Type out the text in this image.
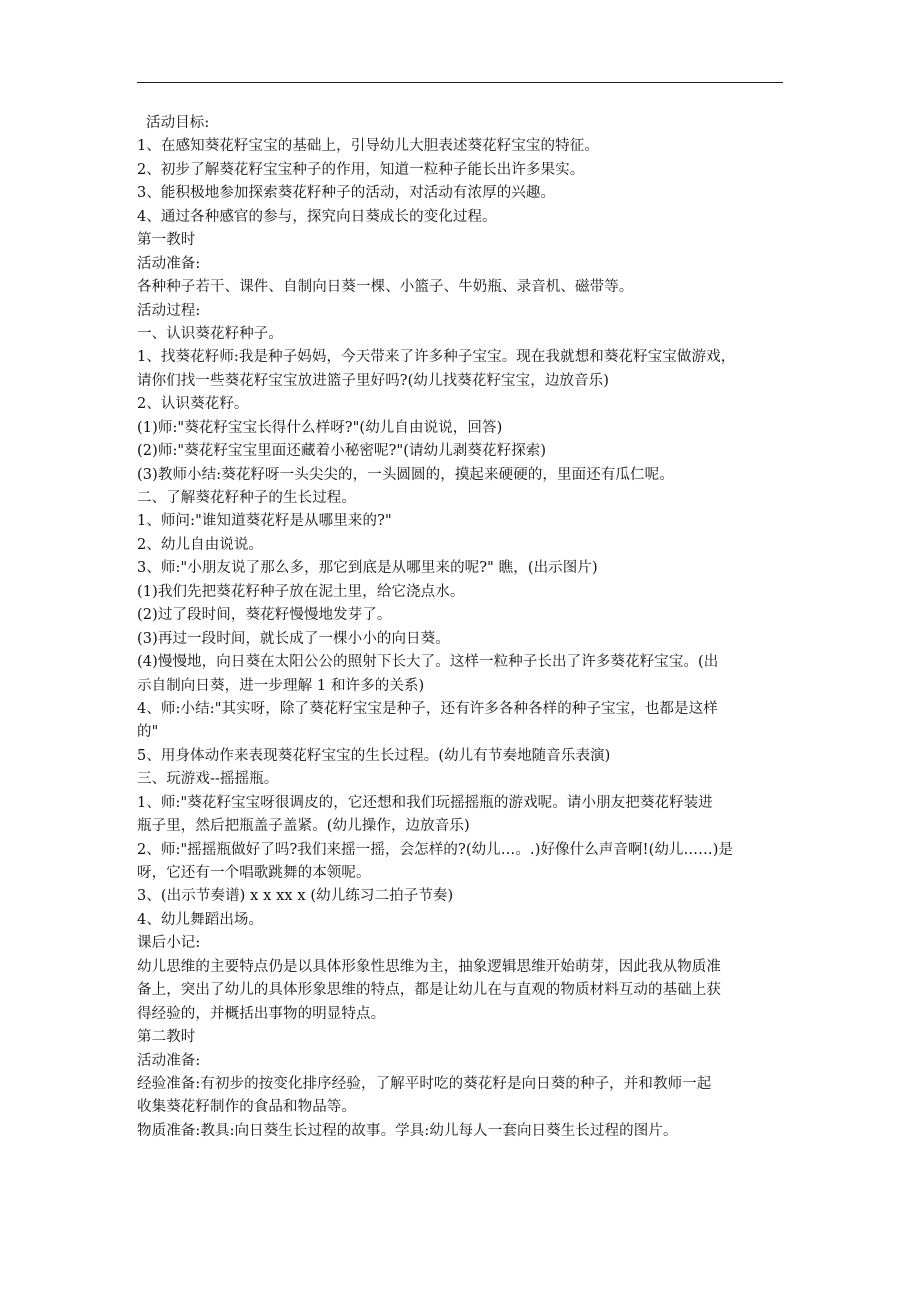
活动目标:
1、在感知葵花籽宝宝的基础上，引导幼儿大胆表述葵花籽宝宝的特征。
2、初步了解葵花籽宝宝种子的作用，知道一粒种子能长出许多果实。
3、能积极地参加探索葵花籽种子的活动，对活动有浓厚的兴趣。
4、通过各种感官的参与，探究向日葵成长的变化过程。
第一教时
活动准备:
各种种子若干、课件、自制向日葵一棵、小篮子、牛奶瓶、录音机、磁带等。
活动过程:
一、认识葵花籽种子。
1、找葵花籽师:我是种子妈妈，今天带来了许多种子宝宝。现在我就想和葵花籽宝宝做游戏，
请你们找一些葵花籽宝宝放进篮子里好吗?(幼儿找葵花籽宝宝，边放音乐)
2、认识葵花籽。
(1)师:"葵花籽宝宝长得什么样呀?"(幼儿自由说说，回答)
(2)师:"葵花籽宝宝里面还藏着小秘密呢?"(请幼儿剥葵花籽探索)
(3)教师小结:葵花籽呀一头尖尖的，一头圆圆的，摸起来硬硬的，里面还有瓜仁呢。
二、了解葵花籽种子的生长过程。
1、师问:"谁知道葵花籽是从哪里来的?"
2、幼儿自由说说。
3、师:"小朋友说了那么多，那它到底是从哪里来的呢?" 瞧，(出示图片)
(1)我们先把葵花籽种子放在泥土里，给它浇点水。
(2)过了段时间，葵花籽慢慢地发芽了。
(3)再过一段时间，就长成了一棵小小的向日葵。
(4)慢慢地，向日葵在太阳公公的照射下长大了。这样一粒种子长出了许多葵花籽宝宝。(出
示自制向日葵，进一步理解 1 和许多的关系)
4、师:小结:"其实呀，除了葵花籽宝宝是种子，还有许多各种各样的种子宝宝，也都是这样
的"
5、用身体动作来表现葵花籽宝宝的生长过程。(幼儿有节奏地随音乐表演)
三、玩游戏--摇摇瓶。
1、师:"葵花籽宝宝呀很调皮的，它还想和我们玩摇摇瓶的游戏呢。请小朋友把葵花籽装进
瓶子里，然后把瓶盖子盖紧。(幼儿操作，边放音乐)
2、师:"摇摇瓶做好了吗?我们来摇一摇，会怎样的?(幼儿…。.)好像什么声音啊!(幼儿……)是
呀，它还有一个唱歌跳舞的本领呢。
3、(出示节奏谱) x x xx x (幼儿练习二拍子节奏)
4、幼儿舞蹈出场。
课后小记:
幼儿思维的主要特点仍是以具体形象性思维为主，抽象逻辑思维开始萌芽，因此我从物质准
备上，突出了幼儿的具体形象思维的特点，都是让幼儿在与直观的物质材料互动的基础上获
得经验的，并概括出事物的明显特点。
第二教时
活动准备:
经验准备:有初步的按变化排序经验，了解平时吃的葵花籽是向日葵的种子，并和教师一起
收集葵花籽制作的食品和物品等。
物质准备:教具:向日葵生长过程的故事。学具:幼儿每人一套向日葵生长过程的图片。
